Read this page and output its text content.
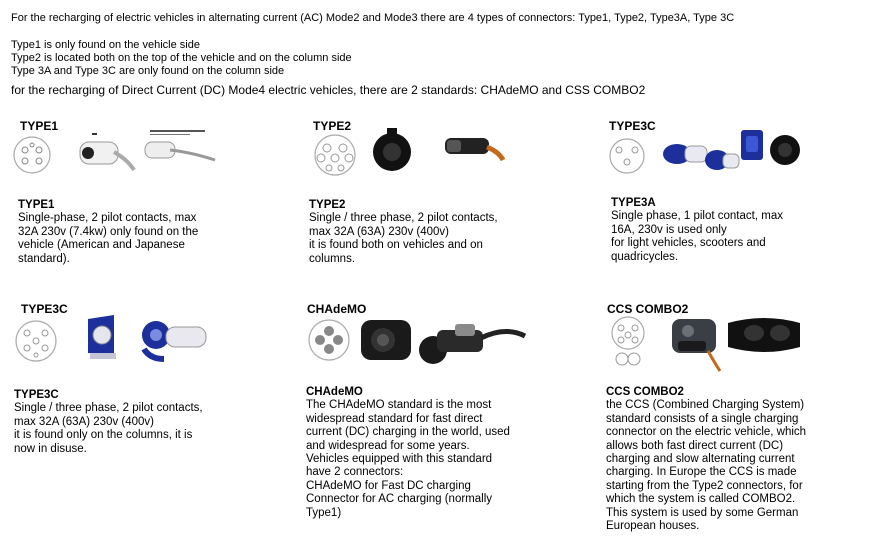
For the recharging of electric vehicles in alternating current (AC) Mode2 and Mode3 there are 4 types of connectors: Type1, Type2, Type3A, Type 3C
Type1 is only found on the vehicle side
Type2 is located both on the top of the vehicle and on the column side
Type 3A and Type 3C are only found on the column side
for the recharging of Direct Current (DC) Mode4 electric vehicles, there are 2 standards: CHAdeMO and CSS COMBO2
TYPE1
TYPE1
Single-phase, 2 pilot contacts, max
32A 230v (7.4kw) only found on the
vehicle (American and Japanese
standard).
TYPE2
TYPE2
Single / three phase, 2 pilot contacts,
max 32A (63A) 230v (400v)
it is found both on vehicles and on
columns.
TYPE3C
TYPE3A
Single phase, 1 pilot contact, max
16A, 230v is used only
for light vehicles, scooters and
quadricycles.
TYPE3C
TYPE3C
Single / three phase, 2 pilot contacts,
max 32A (63A) 230v (400v)
it is found only on the columns, it is
now in disuse.
CHAdeMO
CHAdeMO
The CHAdeMO standard is the most
widespread standard for fast direct
current (DC) charging in the world, used
and widespread for some years.
Vehicles equipped with this standard
have 2 connectors:
CHAdeMO for Fast DC charging
Connector for AC charging (normally
Type1)
CCS COMBO2
CCS COMBO2
the CCS (Combined Charging System)
standard consists of a single charging
connector on the electric vehicle, which
allows both fast direct current (DC)
charging and slow alternating current
charging. In Europe the CCS is made
starting from the Type2 connectors, for
which the system is called COMBO2.
This system is used by some German
European houses.
